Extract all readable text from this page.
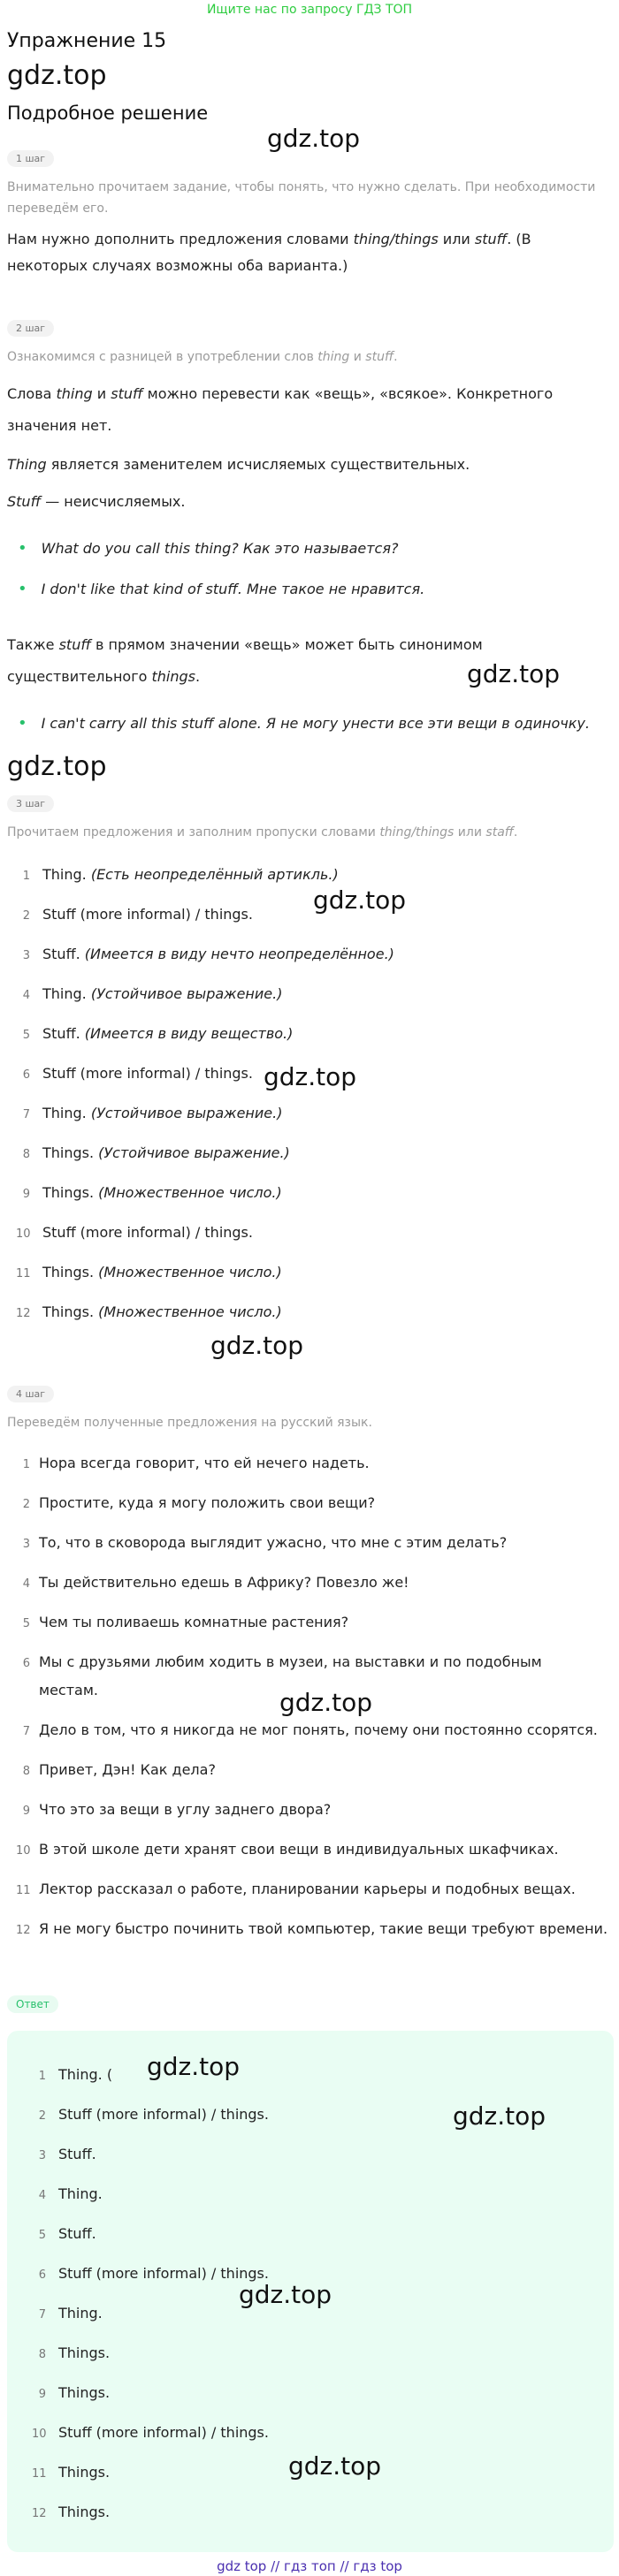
Ищите нас по запросу ГДЗ ТОП
Упражнение 15
gdz.top
Подробное решение
gdz.top
1 шаг
Внимательно прочитаем задание, чтобы понять, что нужно сделать. При необходимости переведём его.
Нам нужно дополнить предложения словами thing/things или stuff. (В некоторых случаях возможны оба варианта.)
2 шаг
Ознакомимся с разницей в употреблении слов thing и stuff.
Слова thing и stuff можно перевести как «вещь», «всякое». Конкретного значения нет.
Thing является заменителем исчисляемых существительных.
Stuff — неисчисляемых.
• What do you call this thing? Как это называется?
• I don't like that kind of stuff. Мне такое не нравится.
Также stuff в прямом значении «вещь» может быть синонимом существительного things.	gdz.top
• I can't carry all this stuff alone. Я не могу унести все эти вещи в одиночку.
gdz.top
3 шаг
Прочитаем предложения и заполним пропуски словами thing/things или staff.
1 Thing. (Есть неопределённый артикль.)
2 Stuff (more informal) / things.	gdz.top
3 Stuff. (Имеется в виду нечто неопределённое.)
4 Thing. (Устойчивое выражение.)
5 Stuff. (Имеется в виду вещество.)
6 Stuff (more informal) / things. gdz.top
7 Thing. (Устойчивое выражение.)
8 Things. (Устойчивое выражение.)
9 Things. (Множественное число.)
10 Stuff (more informal) / things.
11 Things. (Множественное число.)
12 Things. (Множественное число.)
gdz.top
4 шаг
Переведём полученные предложения на русский язык.
1 Нора всегда говорит, что ей нечего надеть.
2 Простите, куда я могу положить свои вещи?
3 То, что в сковорода выглядит ужасно, что мне с этим делать?
4 Ты действительно едешь в Африку? Повезло же!
5 Чем ты поливаешь комнатные растения?
6 Мы с друзьями любим ходить в музеи, на выставки и по подобным
местам.	gdz.top
7 Дело в том, что я никогда не мог понять, почему они постоянно ссорятся.
8 Привет, Дэн! Как дела?
9 Что это за вещи в углу заднего двора?
10 В этой школе дети хранят свои вещи в индивидуальных шкафчиках.
11 Лектор рассказал о работе, планировании карьеры и подобных вещах.
12 Я не могу быстро починить твой компьютер, такие вещи требуют времени.
Ответ
1 Thing. ( gdz.top
2 Stuff (more informal) / things.	gdz.top
3 Stuff.
4 Thing.
5 Stuff.
6 Stuff (more informal) / things.
gdz.top
7 Thing.
8 Things.
9 Things.
10 Stuff (more informal) / things.
11 Things.	gdz.top
12 Things.
gdz top // гдз топ // гдз top
